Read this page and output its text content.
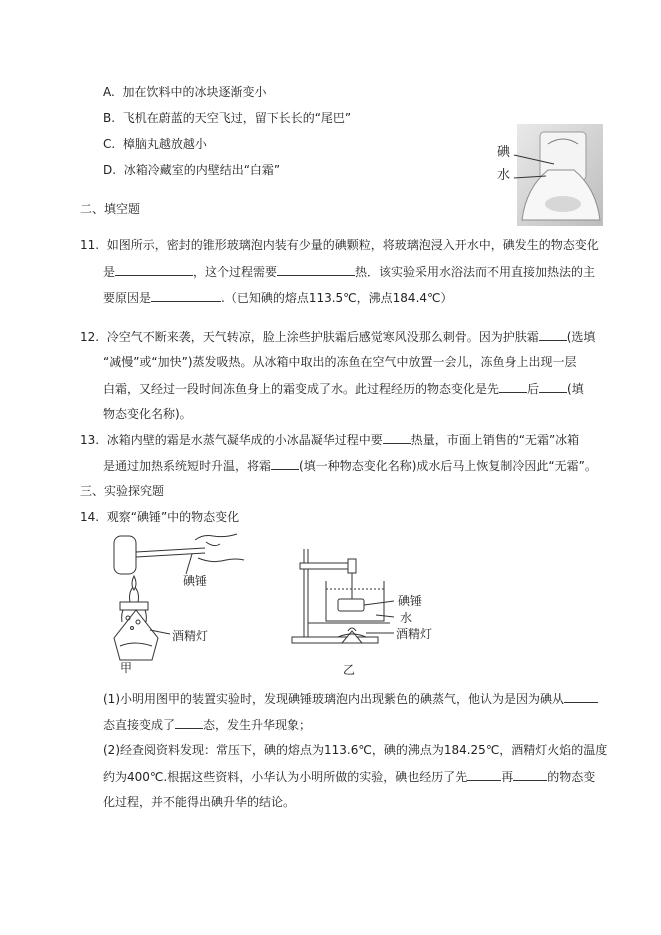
A. 加在饮料中的冰块逐渐变小
B. 飞机在蔚蓝的天空飞过，留下长长的“尾巴”
C. 樟脑丸越放越小
D. 冰箱冷藏室的内壁结出“白霜”
碘
水
二、填空题
11. 如图所示，密封的锥形玻璃泡内装有少量的碘颗粒，将玻璃泡浸入开水中，碘发生的物态变化
是	，这个过程需要	热．该实验采用水浴法而不用直接加热法的主
要原因是	.（已知碘的熔点113.5℃，沸点184.4℃）
12. 冷空气不断来袭，天气转凉，脸上涂些护肤霜后感觉寒风没那么刺骨。因为护肤霜 (选填
“减慢”或“加快”)蒸发吸热。从冰箱中取出的冻鱼在空气中放置一会儿，冻鱼身上出现一层
白霜，又经过一段时间冻鱼身上的霜变成了水。此过程经历的物态变化是先 后 (填
物态变化名称)。
13. 冰箱内壁的霜是水蒸气凝华成的小冰晶凝华过程中要 热量，市面上销售的“无霜”冰箱
是通过加热系统短时升温，将霜 (填一种物态变化名称)成水后马上恢复制冷因此“无霜”。
三、实验探究题
14. 观察“碘锤”中的物态变化
碘锤
酒精灯
甲
碘锤
水
酒精灯
乙
(1)小明用图甲的装置实验时，发现碘锤玻璃泡内出现紫色的碘蒸气，他认为是因为碘从
态直接变成了 态，发生升华现象；
(2)经查阅资料发现：常压下，碘的熔点为113.6℃，碘的沸点为184.25℃，酒精灯火焰的温度
约为400℃.根据这些资料，小华认为小明所做的实验，碘也经历了先	再	的物态变
化过程，并不能得出碘升华的结论。
